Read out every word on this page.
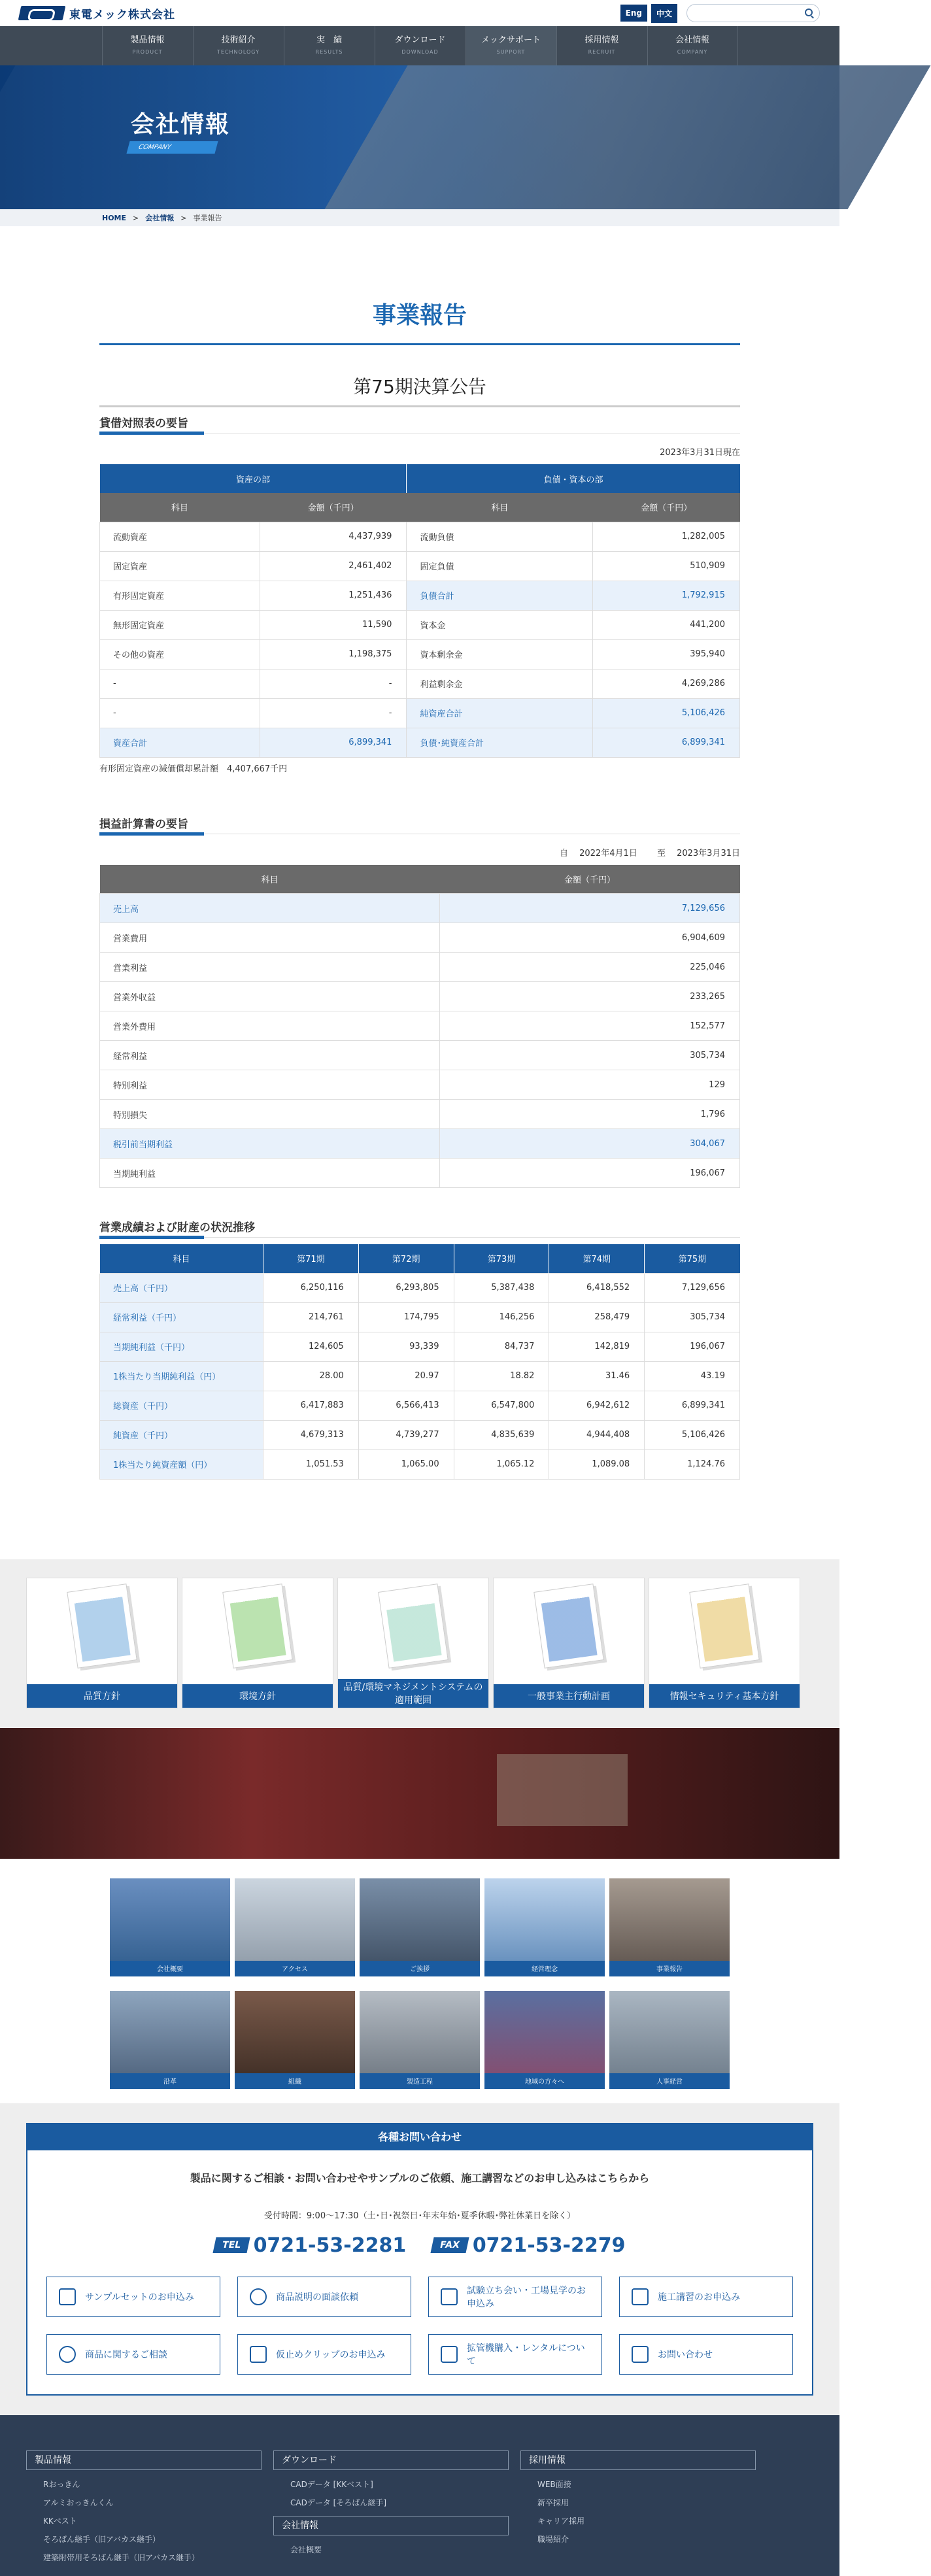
東電メック株式会社	Eng	中文
製品情報
PRODUCT
技術紹介
TECHNOLOGY
実　績
RESULTS
ダウンロード
DOWNLOAD
メックサポート
SUPPORT
採用情報
RECRUIT
会社情報
COMPANY
会社情報
COMPANY
HOME > 会社情報 > 事業報告
事業報告
第75期決算公告
貸借対照表の要旨
2023年3月31日現在
資産の部		負債・資本の部	
科目	金額（千円）	科目	金額（千円）
流動資産	4,437,939	流動負債	1,282,005
固定資産	2,461,402	固定負債	510,909
有形固定資産	1,251,436	負債合計	1,792,915
無形固定資産	11,590	資本金	441,200
その他の資産	1,198,375	資本剰余金	395,940
-	-	利益剰余金	4,269,286
-	-	純資産合計	5,106,426
資産合計	6,899,341	負債･純資産合計	6,899,341
有形固定資産の減価償却累計額　4,407,667千円
損益計算書の要旨
自　 2022年4月1日　　 至　 2023年3月31日
科目	金額（千円）
売上高	7,129,656
営業費用	6,904,609
営業利益	225,046
営業外収益	233,265
営業外費用	152,577
経常利益	305,734
特別利益	129
特別損失	1,796
税引前当期利益	304,067
当期純利益	196,067
営業成績および財産の状況推移
科目	第71期	第72期	第73期	第74期	第75期
売上高（千円）	6,250,116	6,293,805	5,387,438	6,418,552	7,129,656
経常利益（千円）	214,761	174,795	146,256	258,479	305,734
当期純利益（千円）	124,605	93,339	84,737	142,819	196,067
1株当たり当期純利益（円）	28.00	20.97	18.82	31.46	43.19
総資産（千円）	6,417,883	6,566,413	6,547,800	6,942,612	6,899,341
純資産（千円）	4,679,313	4,739,277	4,835,639	4,944,408	5,106,426
1株当たり純資産額（円）	1,051.53	1,065.00	1,065.12	1,089.08	1,124.76
品質方針	環境方針
品質/環境マネジメントシステムの適用範囲	一般事業主行動計画	情報セキュリティ基本方針
会社概要	アクセス	ご挨拶	経営理念	事業報告
沿革	組織	製造工程	地域の方々へ	人事経営
各種お問い合わせ
製品に関するご相談・お問い合わせやサンプルのご依頼、施工講習などのお申し込みはこちらから
受付時間：9:00〜17:30（土･日･祝祭日･年末年始･夏季休暇･弊社休業日を除く）
TEL 0721-53-2281	FAX 0721-53-2279
サンプルセットのお申込み	商品説明の面談依頼
試験立ち会い・工場見学のお申込み
施工講習のお申込み
商品に関するご相談	仮止めクリップのお申込み
拡管機購入・レンタルについて
お問い合わせ
製品情報
Rおっきん
アルミおっきんくん
KKベスト
そろばん継手（旧アバカス継手）
建築附帯用そろばん継手（旧アバカス継手）
ダウンロード
CADデータ [KKベスト]
CADデータ [そろばん継手]
会社情報
会社概要
採用情報
WEB面接
新卒採用
キャリア採用
職場紹介
